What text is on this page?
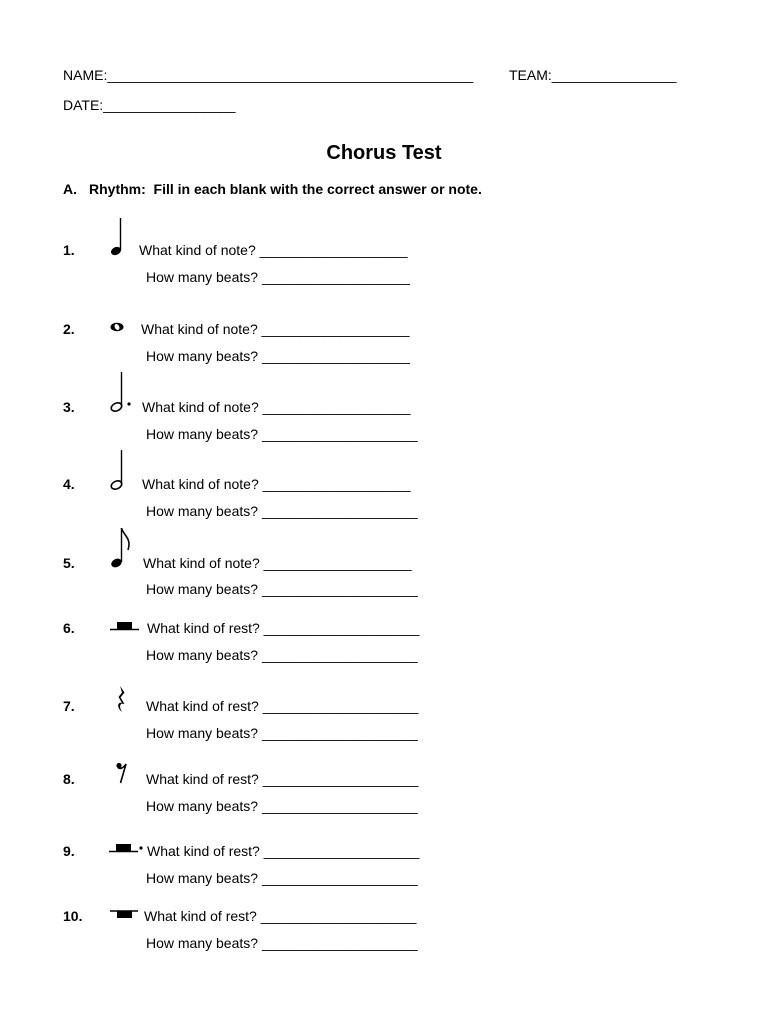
NAME:_______________________________________________	TEAM:________________
DATE:_________________
Chorus Test
A. Rhythm:  Fill in each blank with the correct answer or note.
1.	What kind of note? ___________________
How many beats? ___________________
2.	What kind of note? ___________________
How many beats? ___________________
3.	What kind of note? ___________________
How many beats? ____________________
4.	What kind of note? ___________________
How many beats? ____________________
5.	What kind of note? ___________________
How many beats? ____________________
6.	What kind of rest? ____________________
How many beats? ____________________
7.	What kind of rest? ____________________
How many beats? ____________________
8.	What kind of rest? ____________________
How many beats? ____________________
9.	What kind of rest? ____________________
How many beats? ____________________
10.	What kind of rest? ____________________
How many beats? ____________________
